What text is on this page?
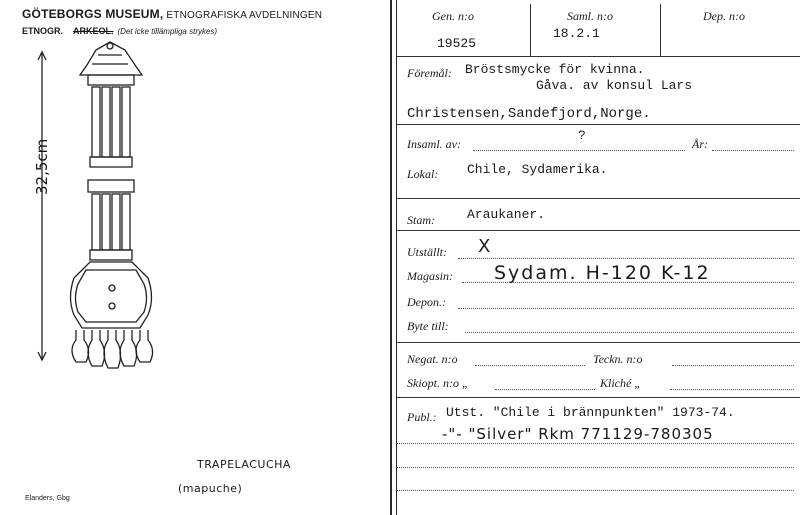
GÖTEBORGS MUSEUM, ETNOGRAFISKA AVDELNINGEN
ETNOGR. ARKEOL. (Det icke tillämpliga strykes)
32,5cm
TRAPELACUCHA
(mapuche)
Elanders, Gbg
Gen. n:o	Saml. n:o	Dep. n:o
19525
18.2.1
Föremål: Bröstsmycke för kvinna.
Gåva. av konsul Lars
Christensen,Sandefjord,Norge.
Insaml. av:
?
År:
Lokal: Chile, Sydamerika.
Stam: Araukaner.
Utställt: X
Magasin: Sydam. H-120 K-12
Depon.:
Byte till:
Negat. n:o	Teckn. n:o
Skiopt. n:o „	Kliché „
Publ.: Utst. "Chile i brännpunkten" 1973-74.
-"- "Silver" Rkm 771129-780305
